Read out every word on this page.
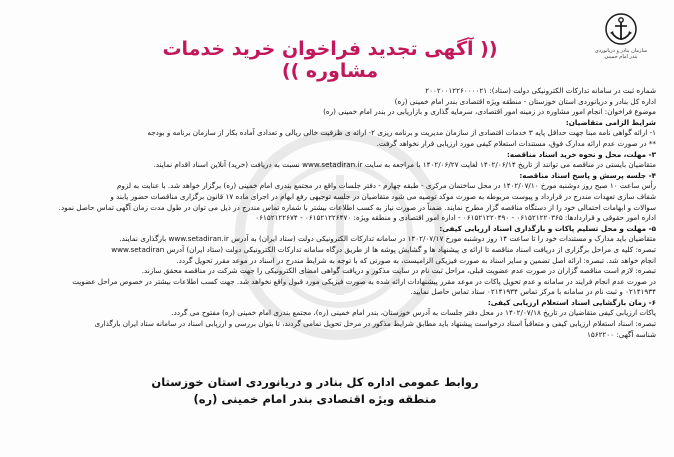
سازمان بنادر و دریانوردی
بندر امام خمینی
(( آگهی تجدید فراخوان خرید خدمات مشاوره ))

شماره ثبت در سامانه تدارکات الکترونیکی دولت (ستاد): ۲۰۰۲۰۰۱۲۲۶۰۰۰۰۲۱

اداره کل بنادر و دریانوردی استان خوزستان - منطقه ویژه اقتصادی بندر امام خمینی (ره)

موضوع فراخوان: انجام امور مشاوره در زمینه امور اقتصادی، سرمایه گذاری و بازاریابی در بندر امام خمینی (ره)

شرایط الزامی متقاضیان:

۱- ارائه گواهی نامه مبنا جهت حداقل پایه ۳ خدمات اقتصادی از سازمان مدیریت و برنامه ریزی ۲- ارائه ی ظرفیت خالی ریالی و تعدادی آماده بکار از سازمان برنامه و بودجه

** در صورت عدم ارائه مدارک فوق، مستندات استعلام کیفی مورد ارزیابی قرار نخواهد گرفت.

۳- مهلت، محل و نحوه خرید اسناد مناقصه:

متقاضیان بایستی در مناقصه می توانند از تاریخ ۱۴۰۲/۰۶/۱۴ لغایت ۱۴۰۲/۰۶/۲۷ با مراجعه به سایت www.setadiran.ir نسبت به دریافت (خرید) آنلاین اسناد اقدام نمایند.

۴- جلسه پرسش و پاسخ اسناد مناقصه:

رأس ساعت ۱۰ صبح روز دوشنبه مورخ ۱۴۰۲/۰۷/۱۰ در محل ساختمان مرکزی - طبقه چهارم - دفتر جلسات واقع در مجتمع بندری امام خمینی (ره) برگزار خواهد شد. با عنایت به لزوم

شفاف سازی تعهدات مندرج در قرارداد و پیوست مربوطه به صورت موکد توصیه می شود متقاضیان در جلسه توجیهی رفع ابهام در اجرای ماده ۱۷ قانون برگزاری مناقصات حضور یابند و

سوالات و ابهامات احتمالی خود را از دستگاه مناقصه گزار مطرح نمایند. ضمناً در صورت نیاز به کسب اطلاعات بیشتر با شماره تماس مندرج در ذیل می توان در طول مدت زمان آگهی تماس حاصل نمود.

اداره امور حقوقی و قراردادها: ۰۶۱۵۲۱۲۲۰۳۶۵ - ۰۶۱۵۲۱۲۲۰۴۹۰ - اداره امور اقتصادی و منطقه ویژه: ۰۶۱۵۲۱۲۲۶۴۷۰ - ۰۶۱۵۲۱۲۲۶۷۴

۵- مهلت و محل تسلیم پاکات و بارگذاری اسناد ارزیابی کیفی:

متقاضیان باید مدارک و مستندات خود را تا ساعت ۱۴ روز دوشنبه مورخ ۱۴۰۲/۰۷/۱۷ در سامانه تدارکات الکترونیکی دولت (ستاد ایران) به آدرس www.setadiran.ir بارگذاری نمایند.

تبصره: کلیه ی مراحل برگزاری از دریافت اسناد مناقصه تا ارائه ی پیشنهاد ها و گشایش پوشه ها از طریق درگاه سامانه تدارکات الکترونیکی دولت (ستاد ایران) آدرس www.setadiran

انجام خواهد شد. تبصره: ارائه اصل تضمین و سایر اسناد به صورت فیزیکی الزامیست، به صورتی که با توجه به شرایط مندرج در اسناد در موعد مقرر تحویل گردد.

تبصره: لازم است مناقصه گزاران در صورت عدم عضویت قبلی، مراحل ثبت نام در سایت مذکور و دریافت گواهی امضای الکترونیکی را جهت شرکت در مناقصه محقق سازند.

در صورت عدم انجام فرایند در سامانه و عدم تحویل پاکات در موعد مقرر پیشنهادات ارائه شده به صورت فیزیکی مورد قبول واقع نخواهد شد. جهت کسب اطلاعات بیشتر در خصوص مراحل عضویت

۰۲۱۴۱۹۳۴ و ثبت نام در سامانه با مرکز تماس ۰۲۱۴۱۹۳۴ ستاد تماس حاصل نمایید.

۶- زمان بازگشایی اسناد استعلام ارزیابی کیفی:

پاکات ارزیابی کیفی متقاضیان در تاریخ ۱۴۰۲/۰۷/۱۸ در محل دفتر جلسات به آدرس خوزستان، بندر امام خمینی (ره)، مجتمع بندری امام خمینی (ره) مفتوح می گردد.

تبصره: اسناد استعلام ارزیابی کیفی و متعاقباً اسناد درخواست پیشنهاد باید مطابق شرایط مذکور در مرحل تحویل تمامی گردند، تا بتوان بررسی و ارزیابی اسناد در سامانه ستاد ایران بارگذاری

شناسه آگهی: ۱۵۶۲۲۰۰

روابط عمومی اداره کل بنادر و دریانوردی استان خوزستان
منطقه ویژه اقتصادی بندر امام خمینی (ره)
